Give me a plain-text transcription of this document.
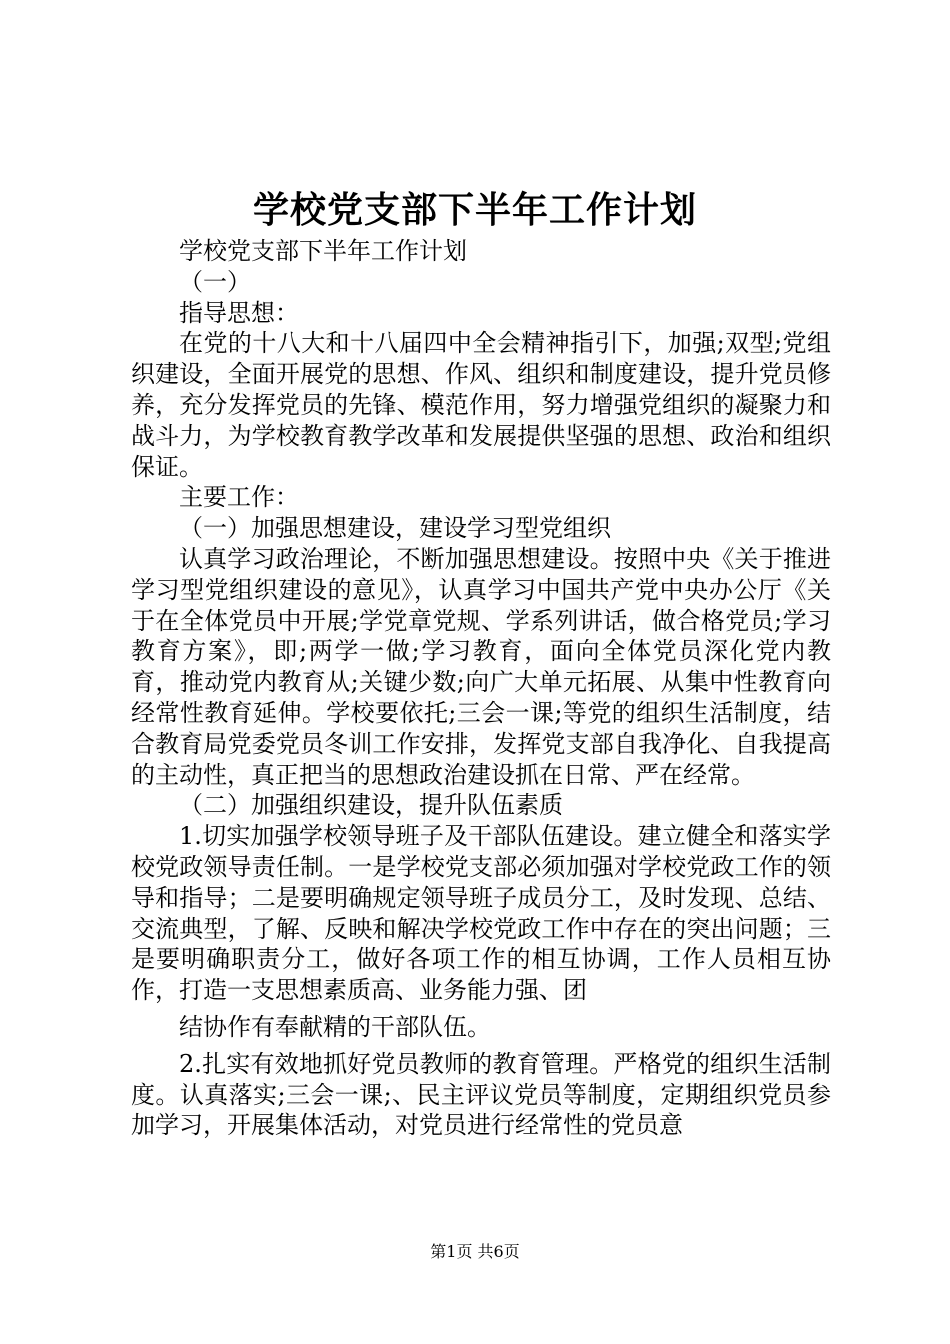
学校党支部下半年工作计划

学校党支部下半年工作计划

（一）

指导思想：

在党的十八大和十八届四中全会精神指引下，加强;双型;党组织建设，全面开展党的思想、作风、组织和制度建设，提升党员修养，充分发挥党员的先锋、模范作用，努力增强党组织的凝聚力和战斗力，为学校教育教学改革和发展提供坚强的思想、政治和组织保证。

主要工作：

（一）加强思想建设，建设学习型党组织

认真学习政治理论，不断加强思想建设。按照中央《关于推进学习型党组织建设的意见》，认真学习中国共产党中央办公厅《关于在全体党员中开展;学党章党规、学系列讲话，做合格党员;学习教育方案》，即;两学一做;学习教育，面向全体党员深化党内教育，推动党内教育从;关键少数;向广大单元拓展、从集中性教育向经常性教育延伸。学校要依托;三会一课;等党的组织生活制度，结合教育局党委党员冬训工作安排，发挥党支部自我净化、自我提高的主动性，真正把当的思想政治建设抓在日常、严在经常。

（二）加强组织建设，提升队伍素质

1.切实加强学校领导班子及干部队伍建设。建立健全和落实学校党政领导责任制。一是学校党支部必须加强对学校党政工作的领导和指导；二是要明确规定领导班子成员分工，及时发现、总结、交流典型，了解、反映和解决学校党政工作中存在的突出问题；三是要明确职责分工，做好各项工作的相互协调，工作人员相互协作，打造一支思想素质高、业务能力强、团

结协作有奉献精的干部队伍。

2.扎实有效地抓好党员教师的教育管理。严格党的组织生活制度。认真落实;三会一课;、民主评议党员等制度，定期组织党员参加学习，开展集体活动，对党员进行经常性的党员意

第1页 共6页
